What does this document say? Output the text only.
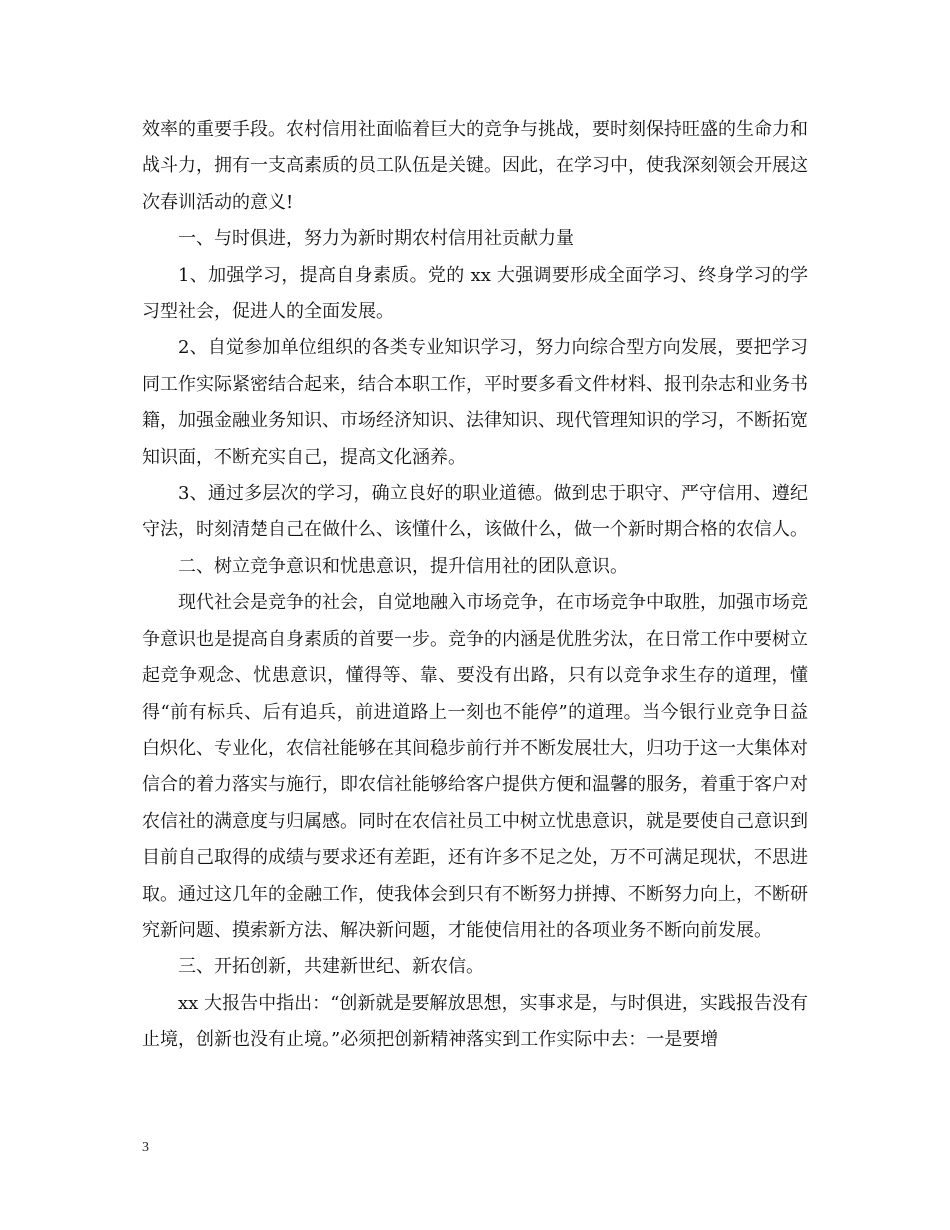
效率的重要手段。农村信用社面临着巨大的竞争与挑战，要时刻保持旺盛的生命力和战斗力，拥有一支高素质的员工队伍是关键。因此，在学习中，使我深刻领会开展这次春训活动的意义!

一、与时俱进，努力为新时期农村信用社贡献力量

1、加强学习，提高自身素质。党的 xx 大强调要形成全面学习、终身学习的学习型社会，促进人的全面发展。

2、自觉参加单位组织的各类专业知识学习，努力向综合型方向发展，要把学习同工作实际紧密结合起来，结合本职工作，平时要多看文件材料、报刊杂志和业务书籍，加强金融业务知识、市场经济知识、法律知识、现代管理知识的学习，不断拓宽知识面，不断充实自己，提高文化涵养。

3、通过多层次的学习，确立良好的职业道德。做到忠于职守、严守信用、遵纪守法，时刻清楚自己在做什么、该懂什么，该做什么，做一个新时期合格的农信人。

二、树立竞争意识和忧患意识，提升信用社的团队意识。

现代社会是竞争的社会，自觉地融入市场竞争，在市场竞争中取胜，加强市场竞争意识也是提高自身素质的首要一步。竞争的内涵是优胜劣汰，在日常工作中要树立起竞争观念、忧患意识，懂得等、靠、要没有出路，只有以竞争求生存的道理，懂得“前有标兵、后有追兵，前进道路上一刻也不能停”的道理。当今银行业竞争日益白炽化、专业化，农信社能够在其间稳步前行并不断发展壮大，归功于这一大集体对信合的着力落实与施行，即农信社能够给客户提供方便和温馨的服务，着重于客户对农信社的满意度与归属感。同时在农信社员工中树立忧患意识，就是要使自己意识到目前自己取得的成绩与要求还有差距，还有许多不足之处，万不可满足现状，不思进取。通过这几年的金融工作，使我体会到只有不断努力拼搏、不断努力向上，不断研究新问题、摸索新方法、解决新问题，才能使信用社的各项业务不断向前发展。

三、开拓创新，共建新世纪、新农信。

xx 大报告中指出：“创新就是要解放思想，实事求是，与时俱进，实践报告没有止境，创新也没有止境。”必须把创新精神落实到工作实际中去：一是要增

3
